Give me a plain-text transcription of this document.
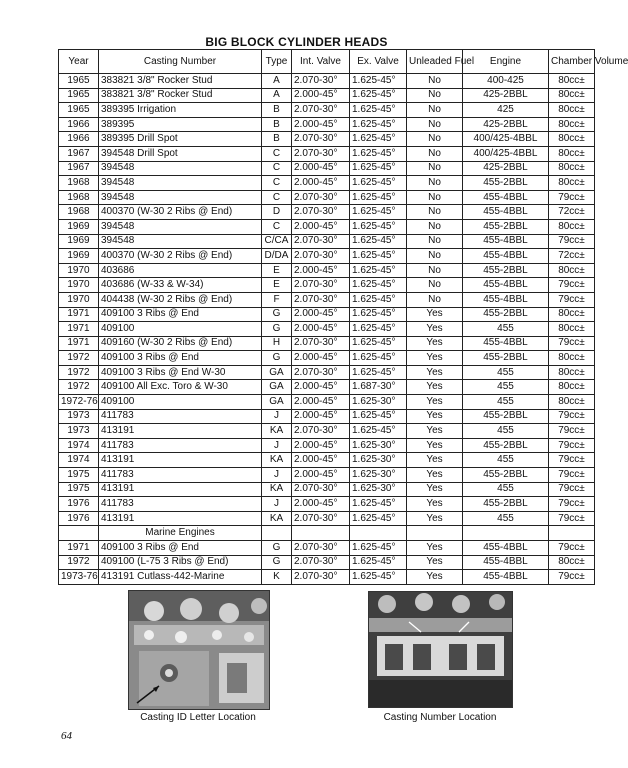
BIG BLOCK CYLINDER HEADS
Year	Casting Number	Type	Int. Valve	Ex. Valve	Unleaded Fuel	Engine	Chamber Volume
1965	383821 3/8" Rocker Stud	A	2.070-30°	1.625-45°	No	400-425	80cc±
1965	383821 3/8" Rocker Stud	A	2.000-45°	1.625-45°	No	425-2BBL	80cc±
1965	389395 Irrigation	B	2.070-30°	1.625-45°	No	425	80cc±
1966	389395	B	2.000-45°	1.625-45°	No	425-2BBL	80cc±
1966	389395 Drill Spot	B	2.070-30°	1.625-45°	No	400/425-4BBL	80cc±
1967	394548 Drill Spot	C	2.070-30°	1.625-45°	No	400/425-4BBL	80cc±
1967	394548	C	2.000-45°	1.625-45°	No	425-2BBL	80cc±
1968	394548	C	2.000-45°	1.625-45°	No	455-2BBL	80cc±
1968	394548	C	2.070-30°	1.625-45°	No	455-4BBL	79cc±
1968	400370 (W-30 2 Ribs @ End)	D	2.070-30°	1.625-45°	No	455-4BBL	72cc±
1969	394548	C	2.000-45°	1.625-45°	No	455-2BBL	80cc±
1969	394548	C/CA	2.070-30°	1.625-45°	No	455-4BBL	79cc±
1969	400370 (W-30 2 Ribs @ End)	D/DA	2.070-30°	1.625-45°	No	455-4BBL	72cc±
1970	403686	E	2.000-45°	1.625-45°	No	455-2BBL	80cc±
1970	403686 (W-33 & W-34)	E	2.070-30°	1.625-45°	No	455-4BBL	79cc±
1970	404438 (W-30 2 Ribs @ End)	F	2.070-30°	1.625-45°	No	455-4BBL	79cc±
1971	409100 3 Ribs @ End	G	2.000-45°	1.625-45°	Yes	455-2BBL	80cc±
1971	409100	G	2.000-45°	1.625-45°	Yes	455	80cc±
1971	409160 (W-30 2 Ribs @ End)	H	2.070-30°	1.625-45°	Yes	455-4BBL	79cc±
1972	409100 3 Ribs @ End	G	2.000-45°	1.625-45°	Yes	455-2BBL	80cc±
1972	409100 3 Ribs @ End W-30	GA	2.070-30°	1.625-45°	Yes	455	80cc±
1972	409100 All Exc. Toro & W-30	GA	2.000-45°	1.687-30°	Yes	455	80cc±
1972-76	409100	GA	2.000-45°	1.625-30°	Yes	455	80cc±
1973	411783	J	2.000-45°	1.625-45°	Yes	455-2BBL	79cc±
1973	413191	KA	2.070-30°	1.625-45°	Yes	455	79cc±
1974	411783	J	2.000-45°	1.625-30°	Yes	455-2BBL	79cc±
1974	413191	KA	2.000-45°	1.625-30°	Yes	455	79cc±
1975	411783	J	2.000-45°	1.625-30°	Yes	455-2BBL	79cc±
1975	413191	KA	2.070-30°	1.625-30°	Yes	455	79cc±
1976	411783	J	2.000-45°	1.625-45°	Yes	455-2BBL	79cc±
1976	413191	KA	2.070-30°	1.625-45°	Yes	455	79cc±
	Marine Engines						
1971	409100 3 Ribs @ End	G	2.070-30°	1.625-45°	Yes	455-4BBL	79cc±
1972	409100 (L-75 3 Ribs @ End)	G	2.070-30°	1.625-45°	Yes	455-4BBL	80cc±
1973-76	413191 Cutlass-442-Marine	K	2.070-30°	1.625-45°	Yes	455-4BBL	79cc±
Casting ID Letter Location	Casting Number Location
64
